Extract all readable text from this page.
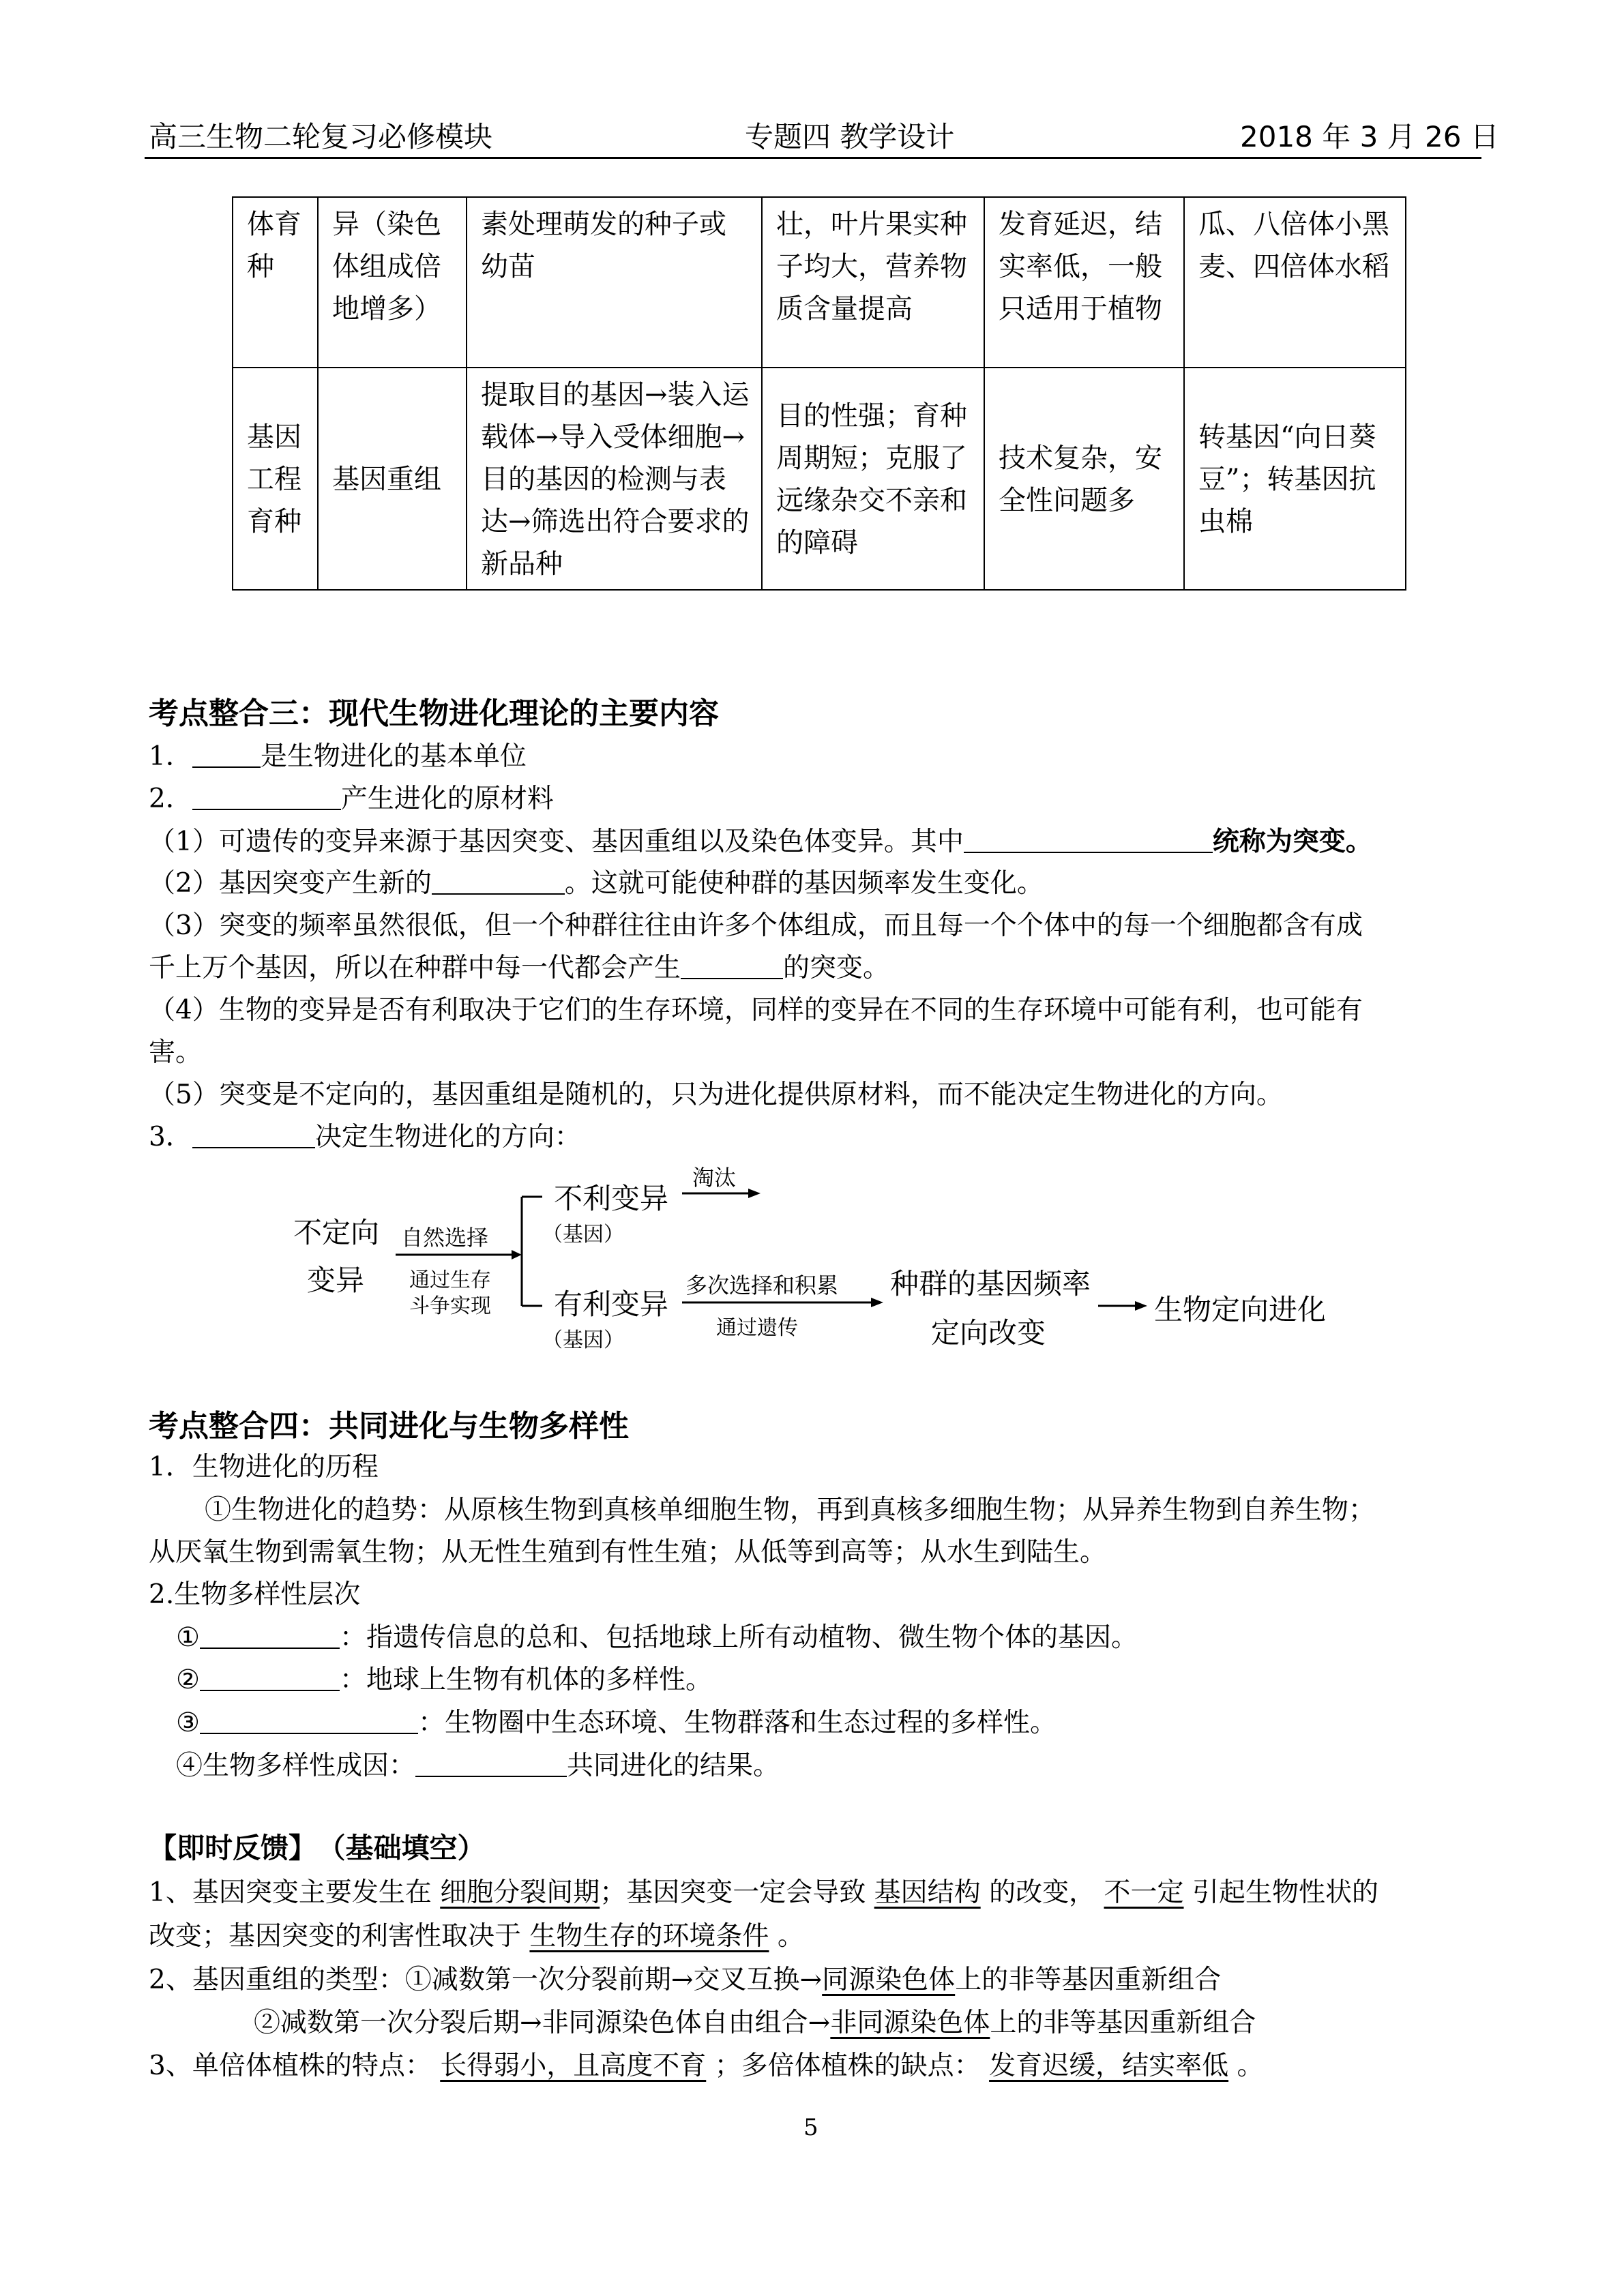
高三生物二轮复习必修模块	专题四 教学设计	2018 年 3 月 26 日
体育种	异（染色体组成倍地增多）	素处理萌发的种子或幼苗	壮，叶片果实种子均大，营养物质含量提高	发育延迟，结实率低，一般只适用于植物	瓜、八倍体小黑麦、四倍体水稻
基因工程育种	基因重组	提取目的基因→装入运载体→导入受体细胞→目的基因的检测与表达→筛选出符合要求的新品种	目的性强；育种周期短；克服了远缘杂交不亲和的障碍	技术复杂，安全性问题多	转基因“向日葵豆”；转基因抗虫棉
考点整合三：现代生物进化理论的主要内容
1．	是生物进化的基本单位
2．	产生进化的原材料
（1）可遗传的变异来源于基因突变、基因重组以及染色体变异。其中	统称为突变。
（2）基因突变产生新的	。这就可能使种群的基因频率发生变化。
（3）突变的频率虽然很低，但一个种群往往由许多个体组成，而且每一个个体中的每一个细胞都含有成
千上万个基因，所以在种群中每一代都会产生	的突变。
（4）生物的变异是否有利取决于它们的生存环境，同样的变异在不同的生存环境中可能有利，也可能有
害。
（5）突变是不定向的，基因重组是随机的，只为进化提供原材料，而不能决定生物进化的方向。
3．	决定生物进化的方向：
不定向
变异
自然选择
通过生存
斗争实现
不利变异
（基因）
淘汰
有利变异
（基因）
多次选择和积累
通过遗传
种群的基因频率
定向改变
生物定向进化
考点整合四：共同进化与生物多样性
1．生物进化的历程
①生物进化的趋势：从原核生物到真核单细胞生物，再到真核多细胞生物；从异养生物到自养生物；
从厌氧生物到需氧生物；从无性生殖到有性生殖；从低等到高等；从水生到陆生。
2.生物多样性层次
①	：指遗传信息的总和、包括地球上所有动植物、微生物个体的基因。
②	：地球上生物有机体的多样性。
③	：生物圈中生态环境、生物群落和生态过程的多样性。
④生物多样性成因：	共同进化的结果。
【即时反馈】 （基础填空）
1、基因突变主要发生在 细胞分裂间期；基因突变一定会导致 基因结构 的改变， 不一定 引起生物性状的
改变；基因突变的利害性取决于 生物生存的环境条件 。
2、基因重组的类型：①减数第一次分裂前期→交叉互换→同源染色体上的非等基因重新组合
②减数第一次分裂后期→非同源染色体自由组合→非同源染色体上的非等基因重新组合
3、单倍体植株的特点： 长得弱小，且高度不育 ；多倍体植株的缺点： 发育迟缓，结实率低 。
5
